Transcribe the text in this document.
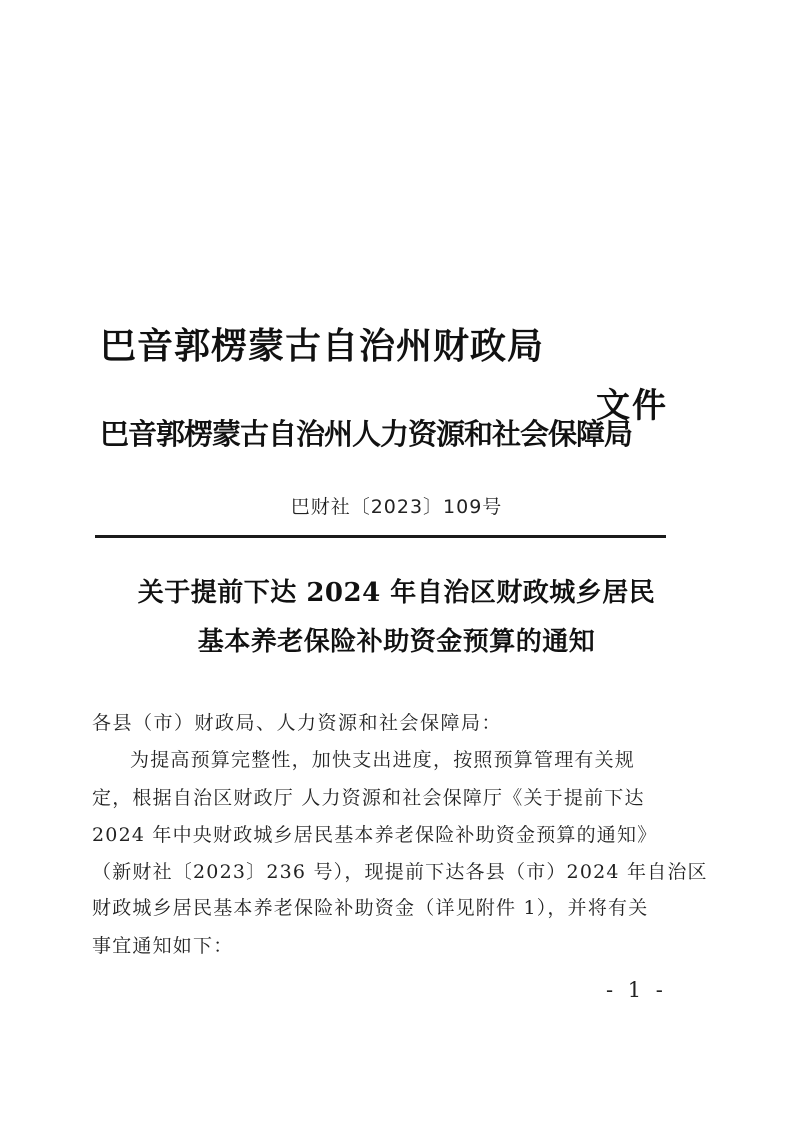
巴音郭楞蒙古自治州财政局
文件
巴音郭楞蒙古自治州人力资源和社会保障局
巴财社〔2023〕109号
关于提前下达 2024 年自治区财政城乡居民
基本养老保险补助资金预算的通知
各县（市）财政局、人力资源和社会保障局：
为提高预算完整性，加快支出进度，按照预算管理有关规
定，根据自治区财政厅 人力资源和社会保障厅《关于提前下达
2024 年中央财政城乡居民基本养老保险补助资金预算的通知》
（新财社〔2023〕236 号），现提前下达各县（市）2024 年自治区
财政城乡居民基本养老保险补助资金（详见附件 1），并将有关
事宜通知如下：
- 1 -
